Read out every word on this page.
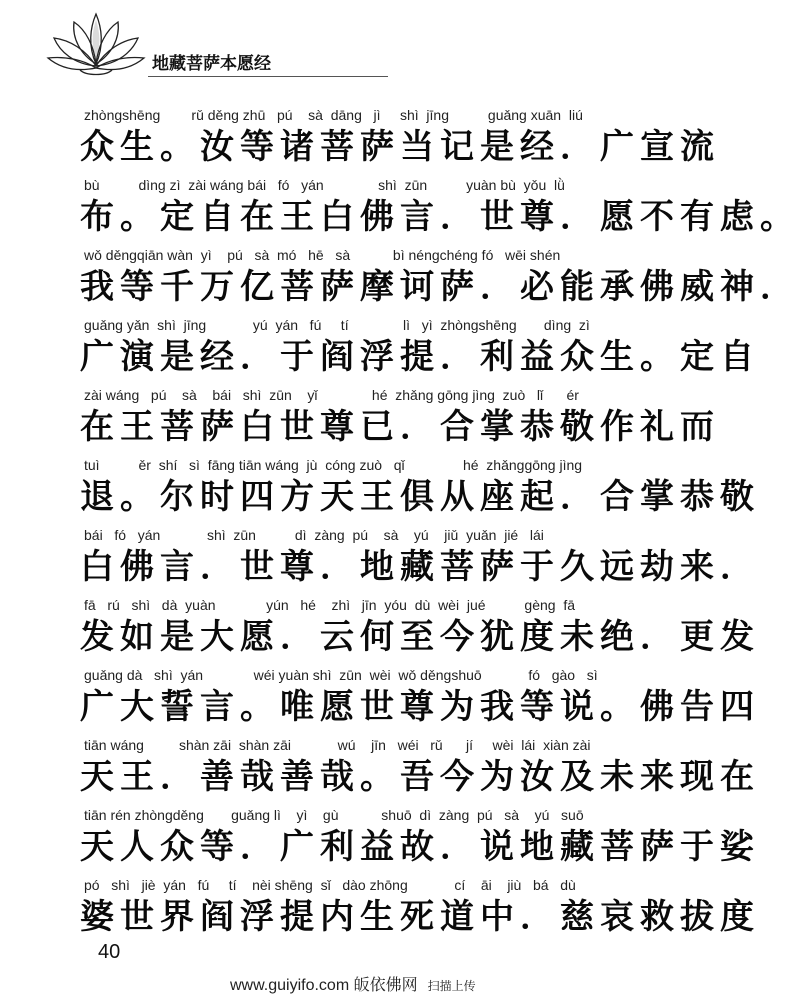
地藏菩萨本愿经
zhòngshēng        rǔ děng zhū   pú    sà  dāng   jì     shì  jīng          guǎng xuān  liú
众生。汝等诸菩萨当记是经．广宣流
bù          dìng zì  zài wáng bái   fó   yán              shì  zūn          yuàn bù  yǒu  lǜ
布。定自在王白佛言．世尊．愿不有虑。
wǒ děngqiān wàn  yì    pú   sà  mó   hē   sà           bì néngchéng fó   wēi shén
我等千万亿菩萨摩诃萨．必能承佛威神．
guǎng yǎn  shì  jīng            yú  yán   fú     tí              lì   yì  zhòngshēng       dìng  zì
广演是经．于阎浮提．利益众生。定自
zài wáng   pú    sà    bái   shì  zūn    yǐ              hé  zhǎng gōng jìng  zuò   lǐ      ér
在王菩萨白世尊已．合掌恭敬作礼而
tuì          ěr  shí   sì  fāng tiān wáng  jù  cóng zuò   qǐ               hé  zhǎnggōng jìng
退。尔时四方天王俱从座起．合掌恭敬
bái   fó   yán            shì  zūn          dì  zàng  pú    sà    yú    jiǔ  yuǎn  jié   lái
白佛言．世尊．地藏菩萨于久远劫来．
fā   rú   shì   dà  yuàn             yún   hé    zhì   jīn  yóu  dù  wèi  jué          gèng  fā
发如是大愿．云何至今犹度未绝．更发
guǎng dà   shì  yán             wéi yuàn shì  zūn  wèi  wǒ děngshuō            fó   gào   sì
广大誓言。唯愿世尊为我等说。佛告四
tiān wáng         shàn zāi  shàn zāi            wú    jīn   wéi   rǔ      jí     wèi  lái  xiàn zài
天王．善哉善哉。吾今为汝及未来现在
tiān rén zhòngděng       guǎng lì    yì    gù           shuō  dì  zàng  pú   sà    yú   suō
天人众等．广利益故．说地藏菩萨于娑
pó   shì   jiè  yán   fú     tí    nèi shēng  sǐ   dào zhōng            cí    āi    jiù   bá   dù
婆世界阎浮提内生死道中．慈哀救拔度
40
www.guiyifo.com 皈依佛网 扫描上传
